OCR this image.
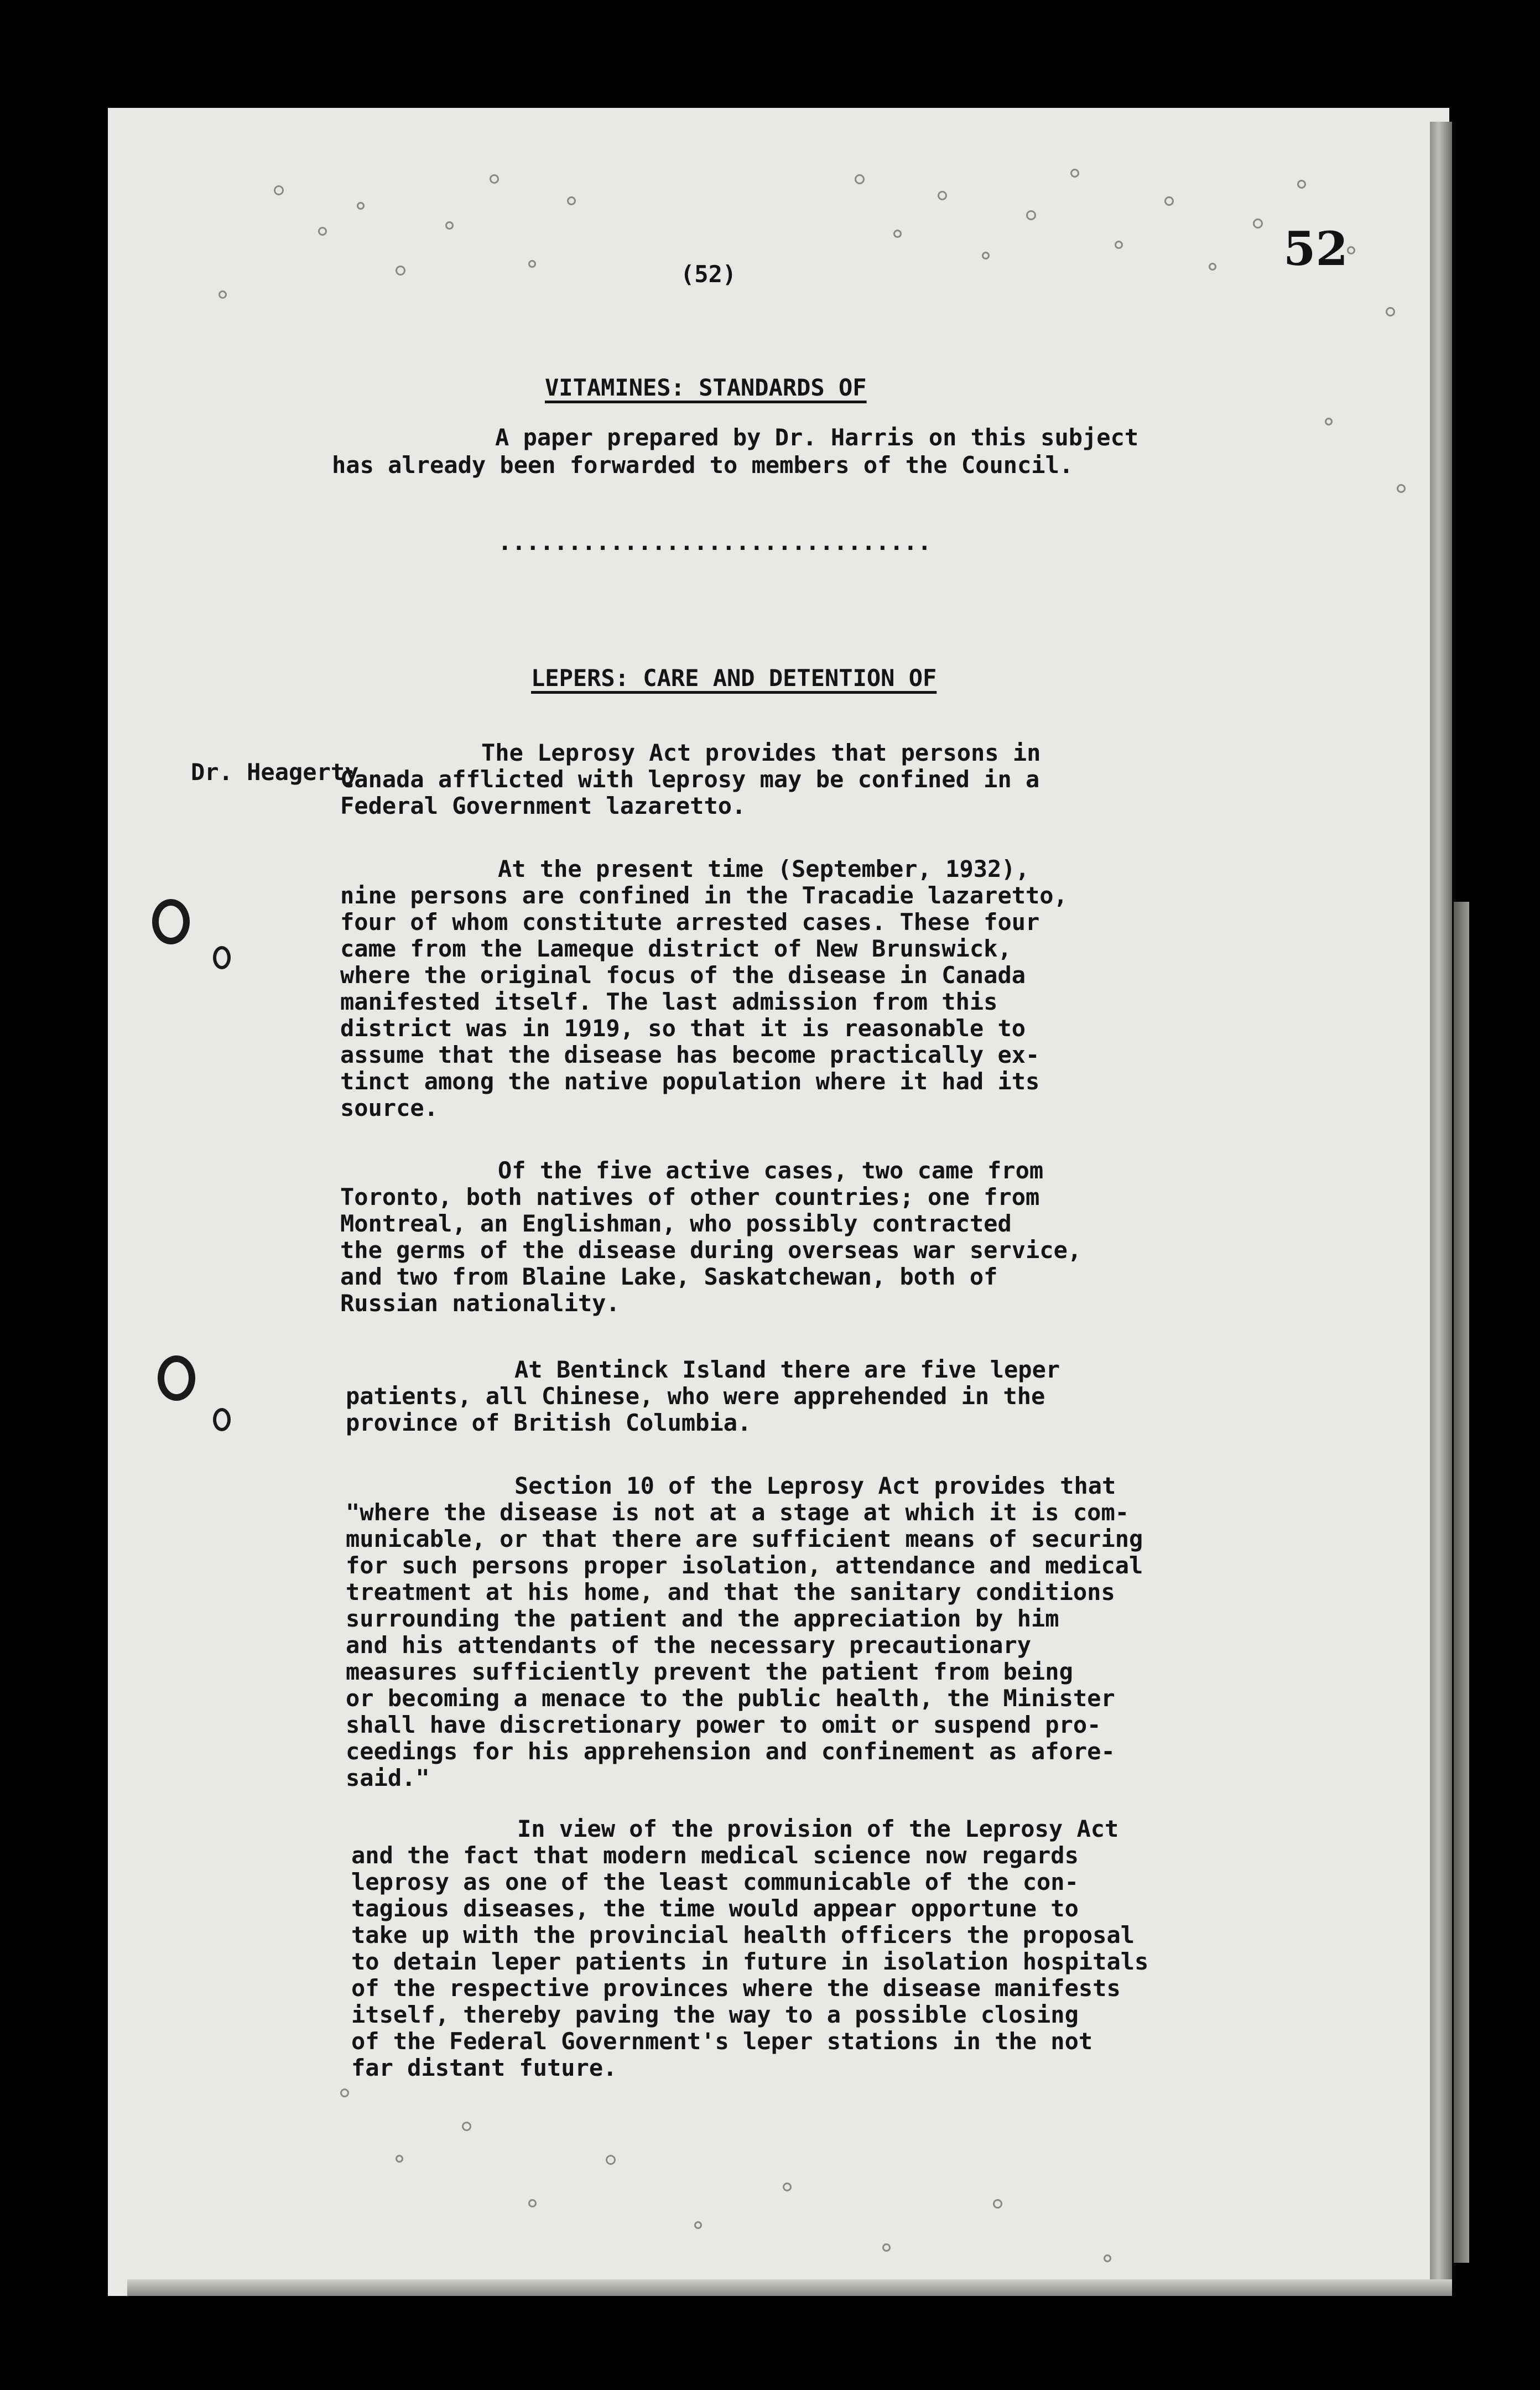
52
(52)
VITAMINES: STANDARDS OF
A paper prepared by Dr. Harris on this subject
has already been forwarded to members of the Council.
...............................
LEPERS: CARE AND DETENTION OF
Dr. Heagerty
The Leprosy Act provides that persons in
Canada afflicted with leprosy may be confined in a
Federal Government lazaretto.
At the present time (September, 1932),
nine persons are confined in the Tracadie lazaretto,
four of whom constitute arrested cases. These four
came from the Lameque district of New Brunswick,
where the original focus of the disease in Canada
manifested itself. The last admission from this
district was in 1919, so that it is reasonable to
assume that the disease has become practically ex-
tinct among the native population where it had its
source.
Of the five active cases, two came from
Toronto, both natives of other countries; one from
Montreal, an Englishman, who possibly contracted
the germs of the disease during overseas war service,
and two from Blaine Lake, Saskatchewan, both of
Russian nationality.
At Bentinck Island there are five leper
patients, all Chinese, who were apprehended in the
province of British Columbia.
Section 10 of the Leprosy Act provides that
"where the disease is not at a stage at which it is com-
municable, or that there are sufficient means of securing
for such persons proper isolation, attendance and medical
treatment at his home, and that the sanitary conditions
surrounding the patient and the appreciation by him
and his attendants of the necessary precautionary
measures sufficiently prevent the patient from being
or becoming a menace to the public health, the Minister
shall have discretionary power to omit or suspend pro-
ceedings for his apprehension and confinement as afore-
said."
In view of the provision of the Leprosy Act
and the fact that modern medical science now regards
leprosy as one of the least communicable of the con-
tagious diseases, the time would appear opportune to
take up with the provincial health officers the proposal
to detain leper patients in future in isolation hospitals
of the respective provinces where the disease manifests
itself, thereby paving the way to a possible closing
of the Federal Government's leper stations in the not
far distant future.
